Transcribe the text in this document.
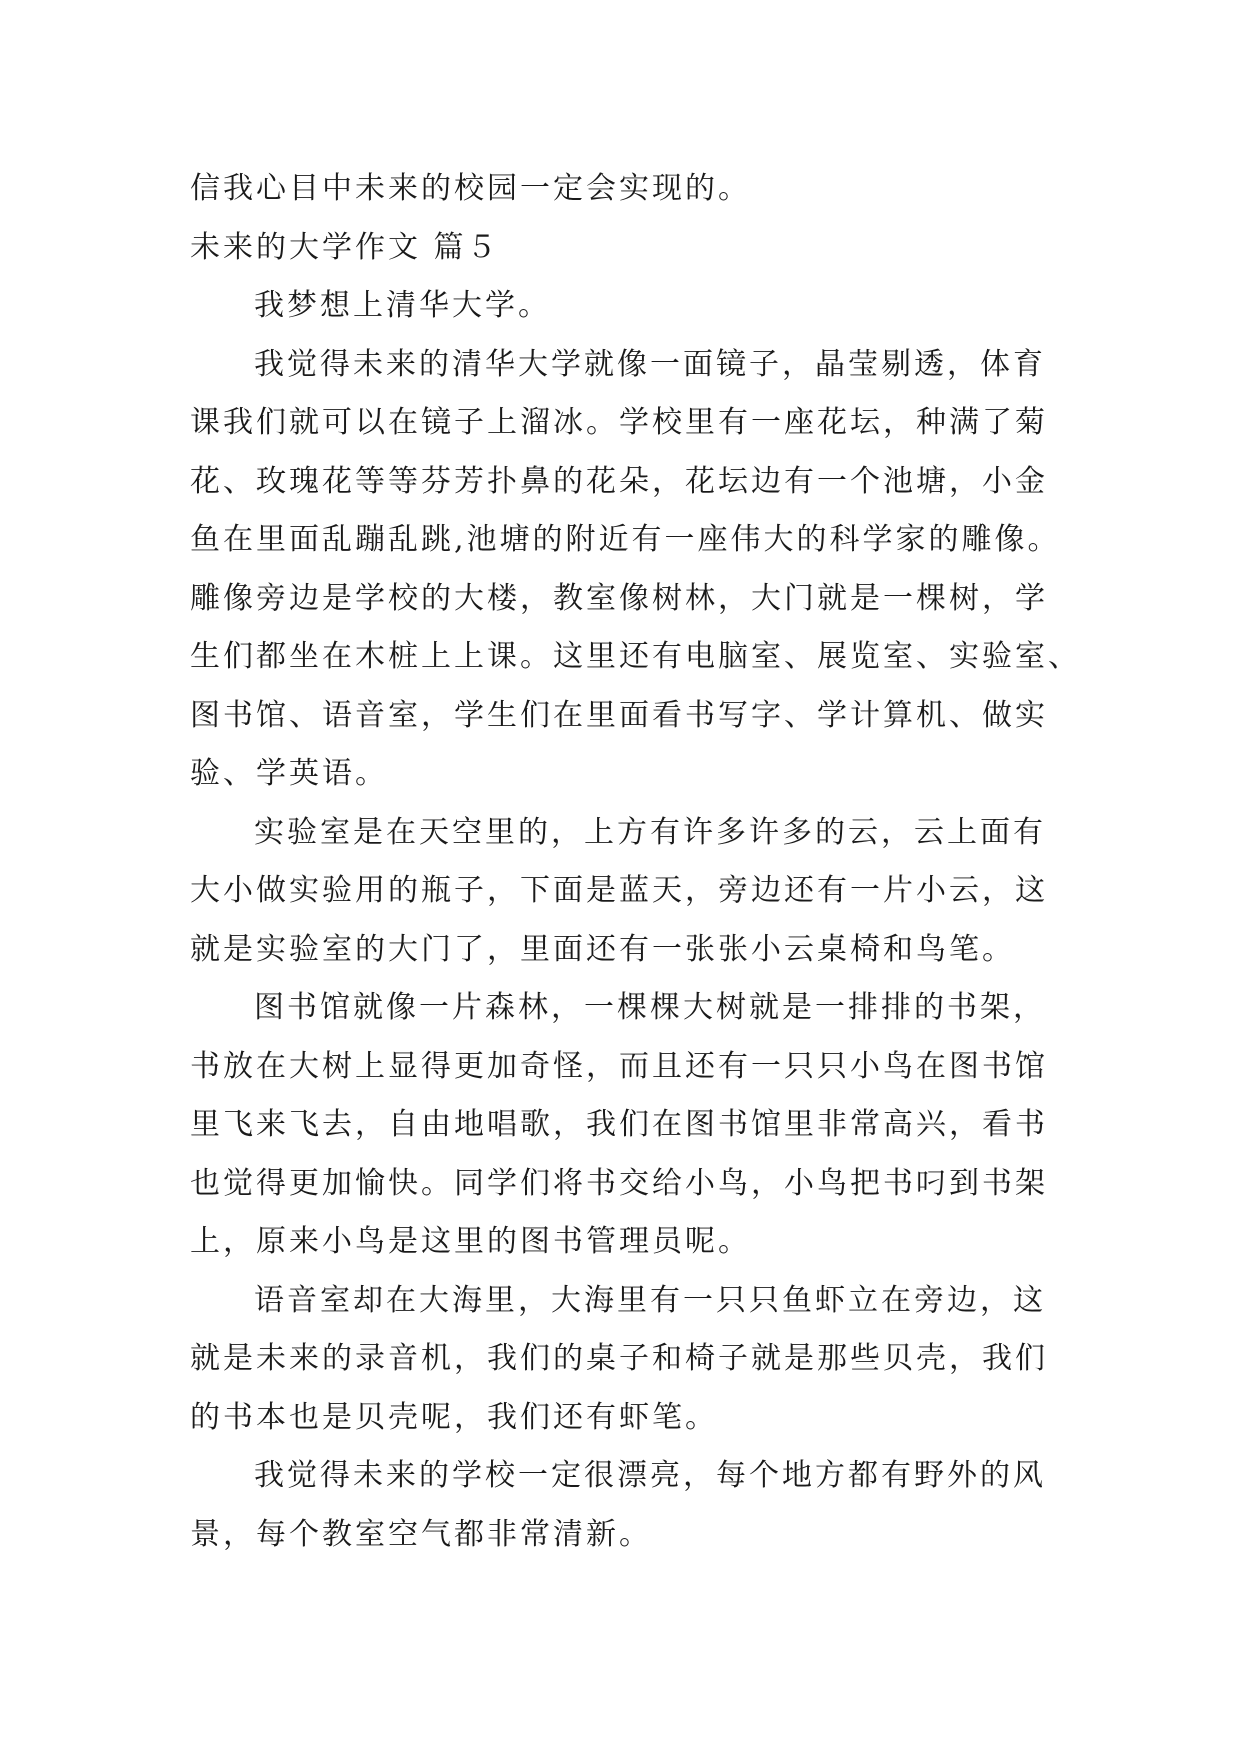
信我心目中未来的校园一定会实现的。
未来的大学作文 篇５
我梦想上清华大学。
我觉得未来的清华大学就像一面镜子，晶莹剔透，体育
课我们就可以在镜子上溜冰。学校里有一座花坛，种满了菊
花、玫瑰花等等芬芳扑鼻的花朵，花坛边有一个池塘，小金
鱼在里面乱蹦乱跳,池塘的附近有一座伟大的科学家的雕像。
雕像旁边是学校的大楼，教室像树林，大门就是一棵树，学
生们都坐在木桩上上课。这里还有电脑室、展览室、实验室、
图书馆、语音室，学生们在里面看书写字、学计算机、做实
验、学英语。
实验室是在天空里的，上方有许多许多的云，云上面有
大小做实验用的瓶子，下面是蓝天，旁边还有一片小云，这
就是实验室的大门了，里面还有一张张小云桌椅和鸟笔。
图书馆就像一片森林，一棵棵大树就是一排排的书架，
书放在大树上显得更加奇怪，而且还有一只只小鸟在图书馆
里飞来飞去，自由地唱歌，我们在图书馆里非常高兴，看书
也觉得更加愉快。同学们将书交给小鸟，小鸟把书叼到书架
上，原来小鸟是这里的图书管理员呢。
语音室却在大海里，大海里有一只只鱼虾立在旁边，这
就是未来的录音机，我们的桌子和椅子就是那些贝壳，我们
的书本也是贝壳呢，我们还有虾笔。
我觉得未来的学校一定很漂亮，每个地方都有野外的风
景，每个教室空气都非常清新。
